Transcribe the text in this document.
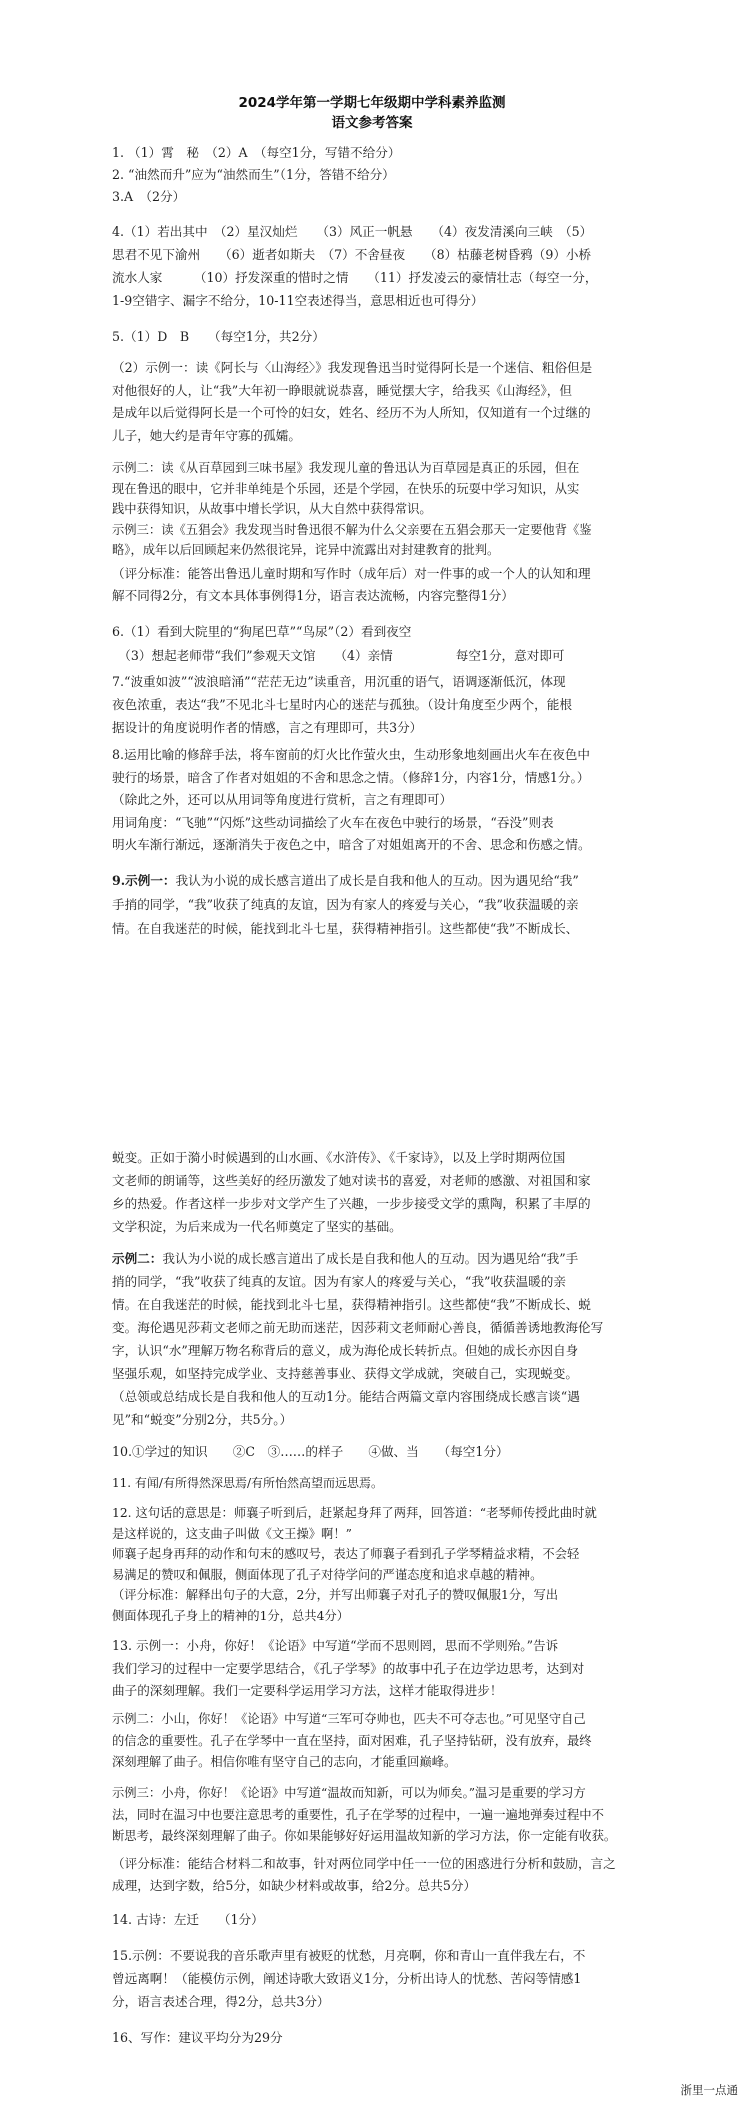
2024学年第一学期七年级期中学科素养监测
语文参考答案

1. （1）霄　秘　（2）A　（每空1分，写错不给分）

2. “油然而升”应为“油然而生”（1分，答错不给分）

3.A　（2分）

4.（1）若出其中　（2）星汉灿烂　　（3）风正一帆悬　　（4）夜发清溪向三峡　（5）

思君不见下渝州　　（6）逝者如斯夫　（7）不舍昼夜　　（8）枯藤老树昏鸦（9）小桥

流水人家　　　（10）抒发深重的惜时之情　　（11）抒发凌云的豪情壮志（每空一分，

1-9空错字、漏字不给分，10-11空表述得当，意思相近也可得分）

5.（1）D　B　　（每空1分，共2分）

（2）示例一：读《阿长与〈山海经〉》我发现鲁迅当时觉得阿长是一个迷信、粗俗但是

对他很好的人，让“我”大年初一睁眼就说恭喜，睡觉摆大字，给我买《山海经》，但

是成年以后觉得阿长是一个可怜的妇女，姓名、经历不为人所知，仅知道有一个过继的

儿子，她大约是青年守寡的孤孀。

示例二：读《从百草园到三味书屋》我发现儿童的鲁迅认为百草园是真正的乐园，但在

现在鲁迅的眼中，它并非单纯是个乐园，还是个学园，在快乐的玩耍中学习知识，从实

践中获得知识，从故事中增长学识，从大自然中获得常识。

示例三：读《五猖会》我发现当时鲁迅很不解为什么父亲要在五猖会那天一定要他背《鉴

略》，成年以后回顾起来仍然很诧异，诧异中流露出对封建教育的批判。

（评分标准：能答出鲁迅儿童时期和写作时（成年后）对一件事的或一个人的认知和理

解不同得2分，有文本具体事例得1分，语言表达流畅，内容完整得1分）

6.（1）看到大院里的“狗尾巴草”“鸟尿”（2）看到夜空

　（3）想起老师带“我们”参观天文馆　　（4）亲情　　　　　每空1分，意对即可

7.“波重如波”“波浪暗涌”“茫茫无边”读重音，用沉重的语气，语调逐渐低沉，体现

夜色浓重，表达“我”不见北斗七星时内心的迷茫与孤独。（设计角度至少两个，能根

据设计的角度说明作者的情感，言之有理即可，共3分）

8.运用比喻的修辞手法，将车窗前的灯火比作萤火虫，生动形象地刻画出火车在夜色中

驶行的场景，暗含了作者对姐姐的不舍和思念之情。（修辞1分，内容1分，情感1分。）

（除此之外，还可以从用词等角度进行赏析，言之有理即可）

用词角度：“飞驰”“闪烁”这些动词描绘了火车在夜色中驶行的场景，“吞没”则表

明火车渐行渐远，逐渐消失于夜色之中，暗含了对姐姐离开的不舍、思念和伤感之情。

9.示例一：我认为小说的成长感言道出了成长是自我和他人的互动。因为遇见给“我”

手捎的同学，“我”收获了纯真的友谊，因为有家人的疼爱与关心，“我”收获温暖的亲

情。在自我迷茫的时候，能找到北斗七星，获得精神指引。这些都使“我”不断成长、

蜕变。正如于漪小时候遇到的山水画、《水浒传》、《千家诗》，以及上学时期两位国

文老师的朗诵等，这些美好的经历激发了她对读书的喜爱，对老师的感激、对祖国和家

乡的热爱。作者这样一步步对文学产生了兴趣，一步步接受文学的熏陶，积累了丰厚的

文学积淀，为后来成为一代名师奠定了坚实的基础。

示例二：我认为小说的成长感言道出了成长是自我和他人的互动。因为遇见给“我”手

捎的同学，“我”收获了纯真的友谊。因为有家人的疼爱与关心，“我”收获温暖的亲

情。在自我迷茫的时候，能找到北斗七星，获得精神指引。这些都使“我”不断成长、蜕

变。海伦遇见莎莉文老师之前无助而迷茫，因莎莉文老师耐心善良，循循善诱地教海伦写

字，认识“水”理解万物名称背后的意义，成为海伦成长转折点。但她的成长亦因自身

坚强乐观，如坚持完成学业、支持慈善事业、获得文学成就，突破自己，实现蜕变。

（总领或总结成长是自我和他人的互动1分。能结合两篇文章内容围绕成长感言谈“遇

见”和“蜕变”分别2分，共5分。）

10.①学过的知识　　②C　③……的样子　　④做、当　　（每空1分）

11. 有闻/有所得然深思焉/有所怡然高望而远思焉。

12. 这句话的意思是：师襄子听到后，赶紧起身拜了两拜，回答道：“老琴师传授此曲时就

是这样说的，这支曲子叫做《文王操》啊！”

师襄子起身再拜的动作和句末的感叹号，表达了师襄子看到孔子学琴精益求精，不会轻

易满足的赞叹和佩服，侧面体现了孔子对待学问的严谨态度和追求卓越的精神。

（评分标准：解释出句子的大意，2分，并写出师襄子对孔子的赞叹佩服1分，写出

侧面体现孔子身上的精神的1分，总共4分）

13. 示例一：小舟，你好！《论语》中写道“学而不思则罔，思而不学则殆。”告诉

我们学习的过程中一定要学思结合，《孔子学琴》的故事中孔子在边学边思考，达到对

曲子的深刻理解。我们一定要科学运用学习方法，这样才能取得进步！

示例二：小山，你好！《论语》中写道“三军可夺帅也，匹夫不可夺志也。”可见坚守自己

的信念的重要性。孔子在学琴中一直在坚持，面对困难，孔子坚持钻研，没有放弃，最终

深刻理解了曲子。相信你唯有坚守自己的志向，才能重回巅峰。

示例三：小舟，你好！《论语》中写道“温故而知新，可以为师矣。”温习是重要的学习方

法，同时在温习中也要注意思考的重要性，孔子在学琴的过程中，一遍一遍地弹奏过程中不

断思考，最终深刻理解了曲子。你如果能够好好运用温故知新的学习方法，你一定能有收获。

（评分标准：能结合材料二和故事，针对两位同学中任一一位的困惑进行分析和鼓励，言之

成理，达到字数，给5分，如缺少材料或故事，给2分。总共5分）

14. 古诗：左迁　　（1分）

15.示例：不要说我的音乐歌声里有被贬的忧愁，月亮啊，你和青山一直伴我左右，不

曾远离啊！（能模仿示例，阐述诗歌大致语义1分，分析出诗人的忧愁、苦闷等情感1

分，语言表述合理，得2分，总共3分）

16、写作：建议平均分为29分

浙里一点通
